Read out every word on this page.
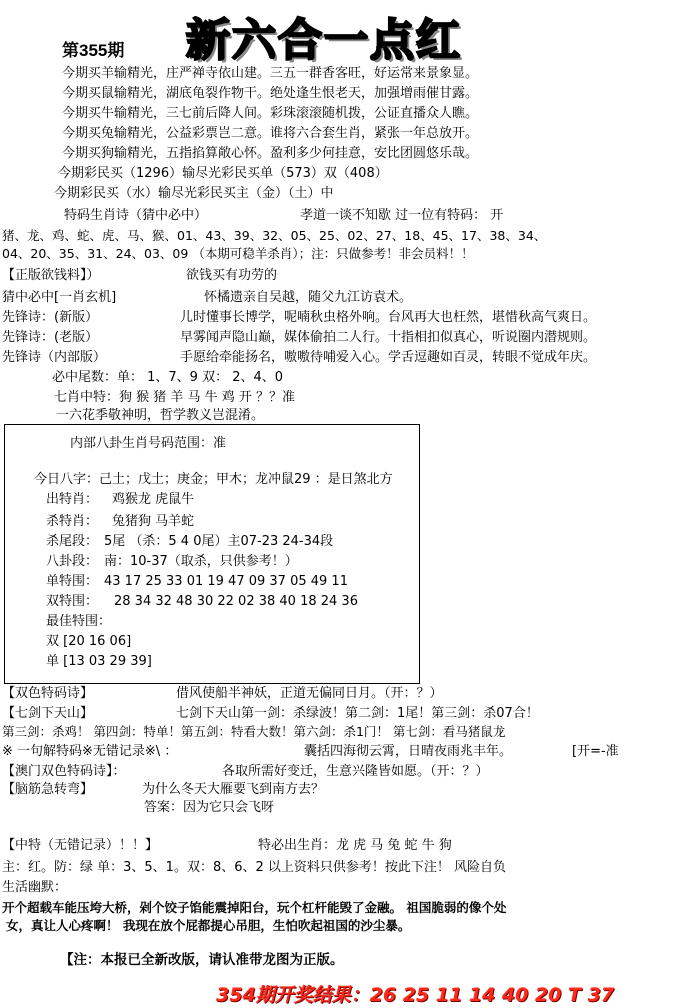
第355期 新六合一点红
今期买羊输精光，庄严禅寺依山建。三五一群香客旺，好运常来景象显。
今期买鼠输精光，湖底龟裂作物干。绝处逢生恨老天，加强增雨催甘露。
今期买牛输精光，三七前后降人间。彩珠滚滚随机拨，公证直播众人瞧。
今期买兔输精光，公益彩票岂二意。谁将六合套生肖，紧张一年总放开。
今期买狗输精光，五指掐算敞心怀。盈利多少何挂意，安比团圆悠乐哉。
今期彩民买（1296）输尽光彩民买单（573）双（408）
今期彩民买（水）输尽光彩民买主（金）（土）中
特码生肖诗（猜中必中）	孝道一谈不知歇 过一位有特码： 开
猪、龙、鸡、蛇、虎、马、猴、01、43、39、32、05、25、02、27、18、45、17、38、34、
04、20、35、31、24、03、09 （本期可稳羊杀肖）；注：只做参考！非会员料！！
【正版欲钱料】）	欲钱买有功劳的
猜中必中[一肖玄机]	怀橘遗亲自吴越，随父九江访袁术。
先锋诗：(新版）	儿时懂事长博学，呢喃秋虫格外响。台风再大也枉然，堪惜秋高气爽日。
先锋诗：(老版）	早雾闻声隐山巅，媒体偷拍二人行。十指相扣似真心，听说圈内潜规则。
先锋诗（内部版）	手愿给牵能扬名，嗷嗷待哺爱入心。学舌逗趣如百灵，转眼不觉成年庆。
必中尾数：单： 1、7、9 双： 2、4、0
七肖中特：狗 猴 猪 羊 马 牛 鸡 开 ？？准
一六花季敬神明，哲学教义岂混淆。
内部八卦生肖号码范围：准
今日八字：己土；戊土；庚金；甲木；龙冲鼠29 ：是日煞北方
出特肖： 鸡猴龙 虎鼠牛
杀特肖： 兔猪狗 马羊蛇
杀尾段： 5尾 （杀：5 4 0尾）主07-23 24-34段
八卦段： 南：10-37（取杀，只供参考！）
单特围： 43 17 25 33 01 19 47 09 37 05 49 11
双特围： 28 34 32 48 30 22 02 38 40 18 24 36
最佳特围：
双 [20 16 06]
单 [13 03 29 39]
【双色特码诗】	借风使船半神妖，正道无偏同日月。（开：？）
【七剑下天山】	七剑下天山第一剑：杀绿波！第二剑：1尾！第三剑：杀07合！
第三剑：杀鸡！ 第四剑：特单！第五剑：特看大数！第六剑：杀1门！ 第七剑：看马猪鼠龙
※ 一句解特码※无错记录※\ ：	囊括四海彻云霄，日晴夜雨兆丰年。	[开=-准
【澳门双色特码诗】：	各取所需好变迁，生意兴隆皆如愿。（开：？）
【脑筋急转弯】	为什么冬天大雁要飞到南方去？
答案：因为它只会飞呀
【中特（无错记录）！！】	特必出生肖：龙 虎 马 兔 蛇 牛 狗
主：红。防：绿 单：3、5、1。双：8、6、2 以上资料只供参考！按此下注！ 风险自负
生活幽默：
开个超载车能压垮大桥，剁个饺子馅能震掉阳台，玩个杠杆能毁了金融。 祖国脆弱的像个处
女，真让人心疼啊！ 我现在放个屁都提心吊胆，生怕吹起祖国的沙尘暴。
【注：本报已全新改版，请认准带龙图为正版。
354期开奖结果：26 25 11 14 40 20 T 37
